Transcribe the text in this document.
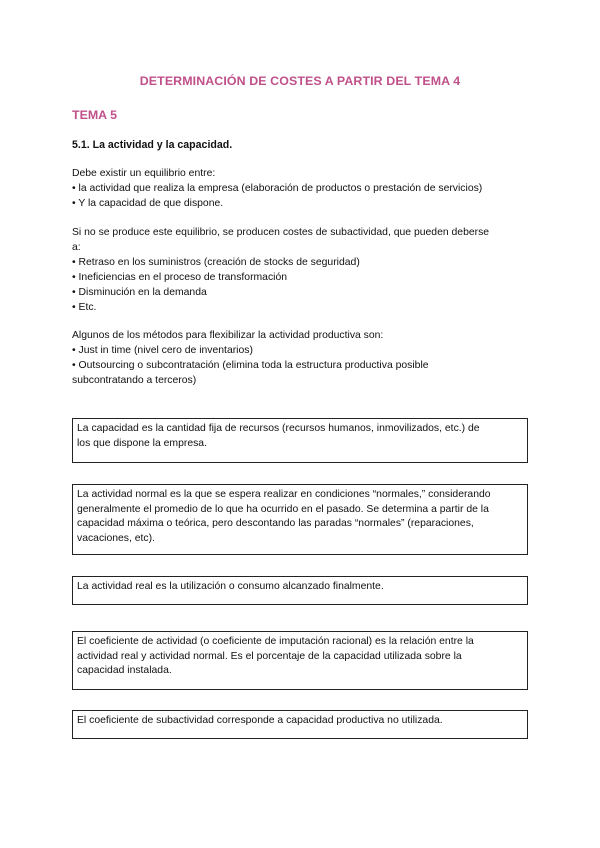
DETERMINACIÓN DE COSTES A PARTIR DEL TEMA 4
TEMA 5
5.1. La actividad y la capacidad.

Debe existir un equilibrio entre:

• la actividad que realiza la empresa (elaboración de productos o prestación de servicios)

• Y la capacidad de que dispone.

Si no se produce este equilibrio, se producen costes de subactividad, que pueden deberse

a:

• Retraso en los suministros (creación de stocks de seguridad)

• Ineficiencias en el proceso de transformación

• Disminución en la demanda

• Etc.

Algunos de los métodos para flexibilizar la actividad productiva son:

• Just in time (nivel cero de inventarios)

• Outsourcing o subcontratación (elimina toda la estructura productiva posible

subcontratando a terceros)

La capacidad es la cantidad fija de recursos (recursos humanos, inmovilizados, etc.) de

los que dispone la empresa.

La actividad normal es la que se espera realizar en condiciones “normales,” considerando

generalmente el promedio de lo que ha ocurrido en el pasado. Se determina a partir de la

capacidad máxima o teórica, pero descontando las paradas “normales” (reparaciones,

vacaciones, etc).

La actividad real es la utilización o consumo alcanzado finalmente.

El coeficiente de actividad (o coeficiente de imputación racional) es la relación entre la

actividad real y actividad normal. Es el porcentaje de la capacidad utilizada sobre la

capacidad instalada.

El coeficiente de subactividad corresponde a capacidad productiva no utilizada.
